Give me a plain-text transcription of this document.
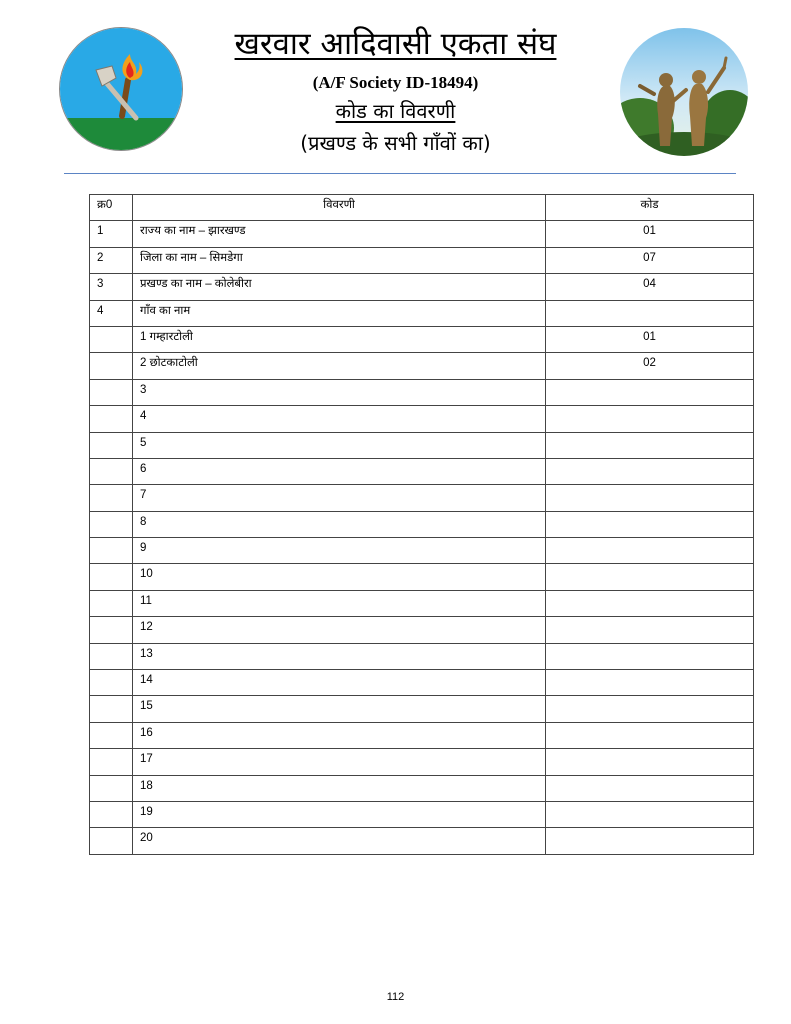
खरवार आदिवासी एकता संघ
(A/F Society ID-18494)
कोड का विवरणी
(प्रखण्ड के सभी गाँवों का)
क्र0	विवरणी	कोड
1	राज्य का नाम – झारखण्ड	01
2	जिला का नाम – सिमडेगा	07
3	प्रखण्ड का नाम – कोलेबीरा	04
4	गाँव का नाम	
	1 गम्हारटोली	01
	2 छोटकाटोली	02
	3	
	4	
	5	
	6	
	7	
	8	
	9	
	10	
	11	
	12	
	13	
	14	
	15	
	16	
	17	
	18	
	19	
	20	
112
